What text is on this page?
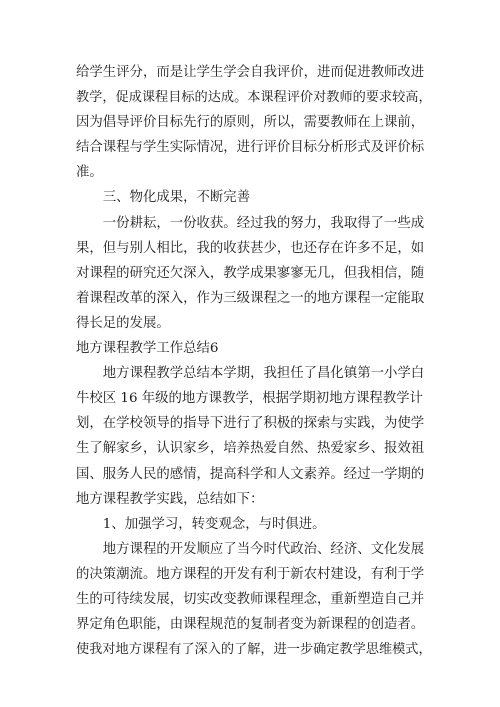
给学生评分，而是让学生学会自我评价，进而促进教师改进
教学，促成课程目标的达成。本课程评价对教师的要求较高，
因为倡导评价目标先行的原则，所以，需要教师在上课前，
结合课程与学生实际情况，进行评价目标分析形式及评价标
准。
三、物化成果，不断完善
一份耕耘，一份收获。经过我的努力，我取得了一些成
果，但与别人相比，我的收获甚少，也还存在许多不足，如
对课程的研究还欠深入，教学成果寥寥无几，但我相信，随
着课程改革的深入，作为三级课程之一的地方课程一定能取
得长足的发展。
地方课程教学工作总结6
地方课程教学总结本学期，我担任了昌化镇第一小学白
牛校区 16 年级的地方课教学，根据学期初地方课程教学计
划，在学校领导的指导下进行了积极的探索与实践，为使学
生了解家乡，认识家乡，培养热爱自然、热爱家乡、报效祖
国、服务人民的感情，提高科学和人文素养。经过一学期的
地方课程教学实践，总结如下：
1、加强学习，转变观念，与时俱进。
地方课程的开发顺应了当今时代政治、经济、文化发展
的决策潮流。地方课程的开发有利于新农村建设，有利于学
生的可待续发展，切实改变教师课程理念，重新塑造自己并
界定角色职能，由课程规范的复制者变为新课程的创造者。
使我对地方课程有了深入的了解，进一步确定教学思维模式，
